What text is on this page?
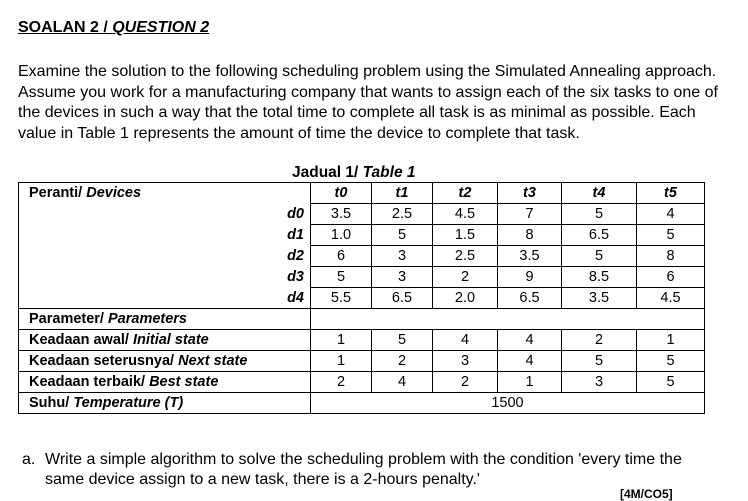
SOALAN 2 / QUESTION 2
Examine the solution to the following scheduling problem using the Simulated Annealing approach. Assume you work for a manufacturing company that wants to assign each of the six tasks to one of the devices in such a way that the total time to complete all task is as minimal as possible. Each value in Table 1 represents the amount of time the device to complete that task.
Jadual 1/ Table 1
Peranti/ Devices	t0	t1	t2	t3	t4	t5
d0	3.5	2.5	4.5	7	5	4
d1	1.0	5	1.5	8	6.5	5
d2	6	3	2.5	3.5	5	8
d3	5	3	2	9	8.5	6
d4	5.5	6.5	2.0	6.5	3.5	4.5
Parameter/ Parameters						
Keadaan awal/ Initial state	1	5	4	4	2	1
Keadaan seterusnya/ Next state	1	2	3	4	5	5
Keadaan terbaik/ Best state	2	4	2	1	3	5
Suhu/ Temperature (T)	1500					
a. Write a simple algorithm to solve the scheduling problem with the condition 'every time the same device assign to a new task, there is a 2-hours penalty.'
[4M/CO5]
